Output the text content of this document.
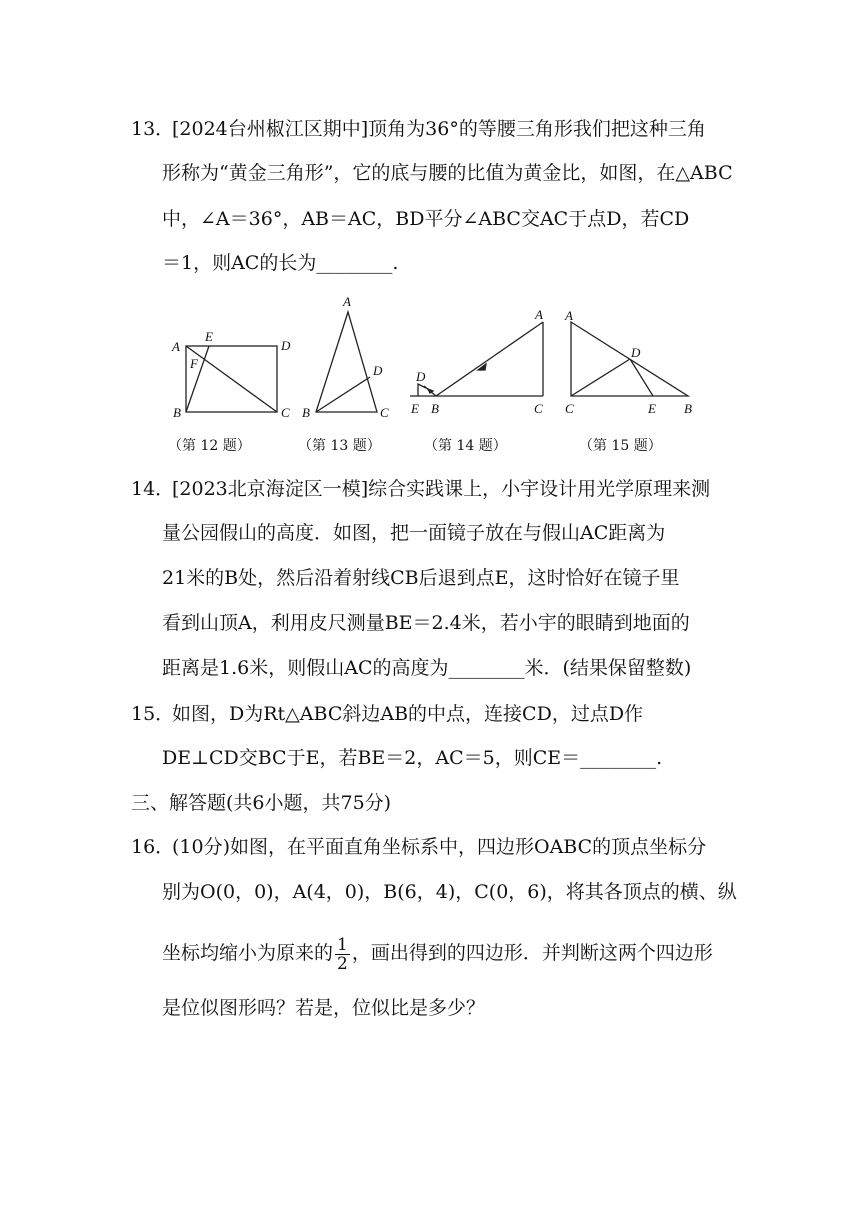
13．
[2024台州椒江区期中]顶角为36°的等腰三角形我们把这种三角
形称为“黄金三角形”，它的底与腰的比值为黄金比，如图，在△ABC
中，∠A＝36°，AB＝AC，BD平分∠ABC交AC于点D，若CD
＝1，则AC的长为________.
A
E
D
F
B	C
A
D
B	C
A
D
E B	C
A
D
C	E B
（第 12 题）	（第 13 题）	（第 14 题）	（第 15 题）
14．
[2023北京海淀区一模]综合实践课上，小宇设计用光学原理来测
量公园假山的高度．如图，把一面镜子放在与假山AC距离为
21米的B处，然后沿着射线CB后退到点E，这时恰好在镜子里
看到山顶A，利用皮尺测量BE＝2.4米，若小宇的眼睛到地面的
距离是1.6米，则假山AC的高度为________米．(结果保留整数)
15．
如图，D为Rt△ABC斜边AB的中点，连接CD，过点D作
DE⊥CD交BC于E，若BE＝2，AC＝5，则CE＝________.
三、解答题(共6小题，共75分)
16．
(10分)如图，在平面直角坐标系中，四边形OABC的顶点坐标分
别为O(0，0)，A(4，0)，B(6，4)，C(0，6)，将其各顶点的横、纵
坐标均缩小为原来的 $\frac{1}{2}$ ，画出得到的四边形．并判断这两个四边形
是位似图形吗？若是，位似比是多少？
